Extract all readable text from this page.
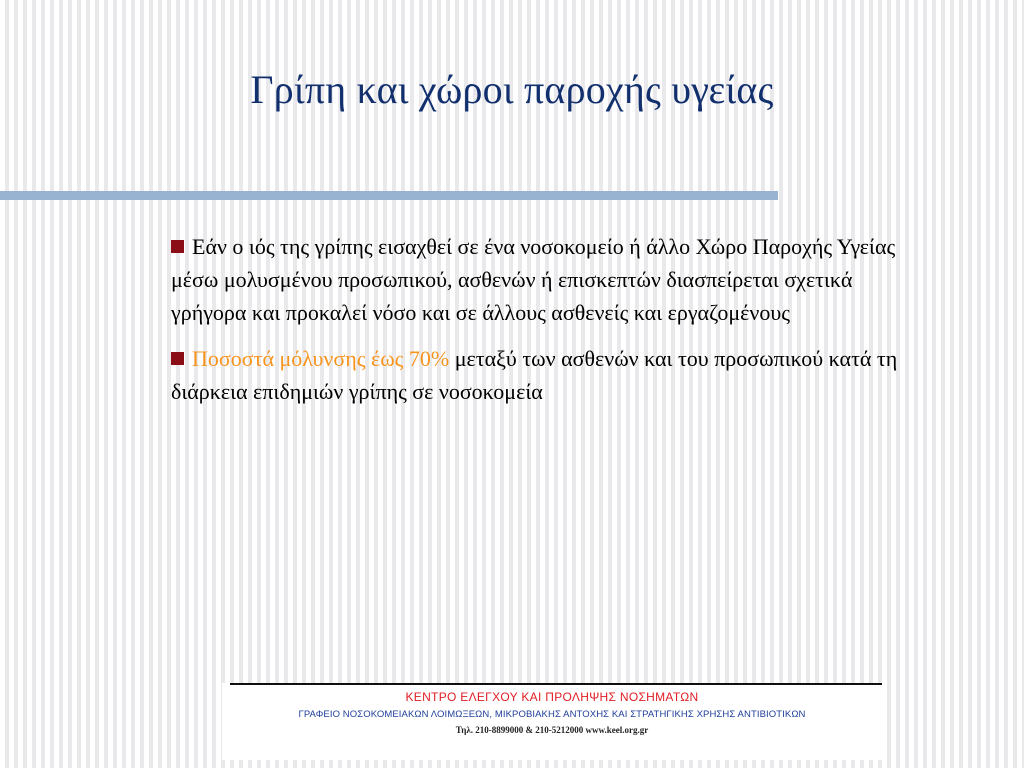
Γρίπη και χώροι παροχής υγείας

Εάν ο ιός της γρίπης εισαχθεί σε ένα νοσοκομείο ή άλλο Χώρο Παροχής Υγείας μέσω μολυσμένου προσωπικού, ασθενών ή επισκεπτών διασπείρεται σχετικά γρήγορα και προκαλεί νόσο και σε άλλους ασθενείς και εργαζομένους

Ποσοστά μόλυνσης έως 70% μεταξύ των ασθενών και του προσωπικού κατά τη διάρκεια επιδημιών γρίπης σε νοσοκομεία

ΚΕΝΤΡΟ ΕΛΕΓΧΟΥ ΚΑΙ ΠΡΟΛΗΨΗΣ ΝΟΣΗΜΑΤΩΝ
ΓΡΑΦΕΙΟ ΝΟΣΟΚΟΜΕΙΑΚΩΝ ΛΟΙΜΩΞΕΩΝ, ΜΙΚΡΟΒΙΑΚΗΣ ΑΝΤΟΧΗΣ ΚΑΙ ΣΤΡΑΤΗΓΙΚΗΣ ΧΡΗΣΗΣ ΑΝΤΙΒΙΟΤΙΚΩΝ
Τηλ. 210-8899000 & 210-5212000 www.keel.org.gr
